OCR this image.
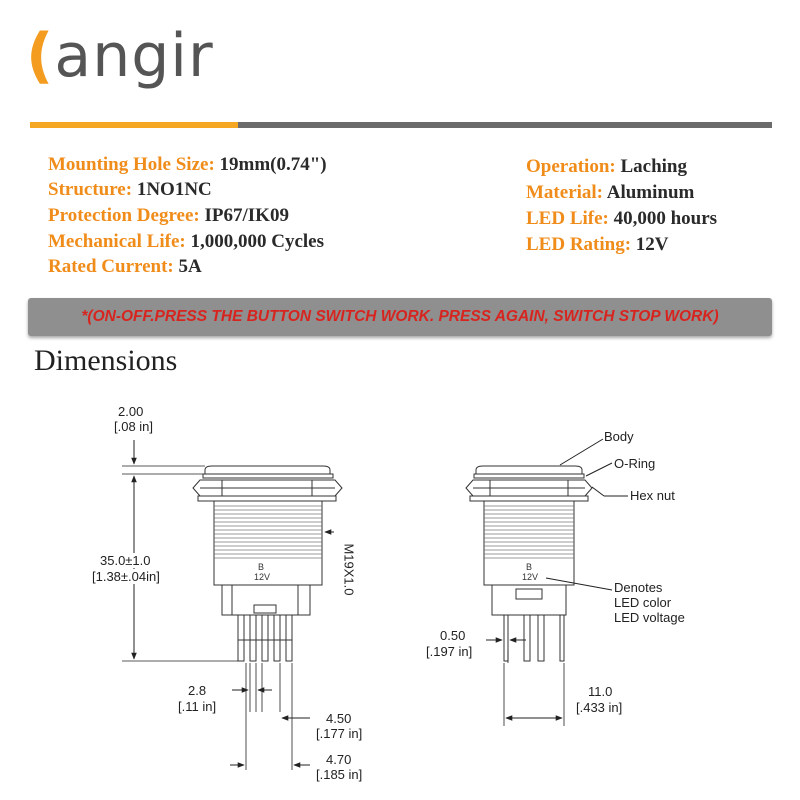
(angir
Mounting Hole Size: 19mm(0.74")
Structure: 1NO1NC
Protection Degree: IP67/IK09
Mechanical Life: 1,000,000 Cycles
Rated Current: 5A
Operation: Laching
Material: Aluminum
LED Life: 40,000 hours
LED Rating: 12V
*(ON-OFF.PRESS THE BUTTON SWITCH WORK. PRESS AGAIN, SWITCH STOP WORK)
Dimensions
2.00
[.08 in]
35.0±1.0
[1.38±.04in]	M19X1.0
B
12V
2.8
[.11 in]
4.50
[.177 in]
4.70
[.185 in]
Body
O-Ring
Hex nut
B
12V
Denotes
LED color
LED voltage
0.50
[.197 in]
11.0
[.433 in]
